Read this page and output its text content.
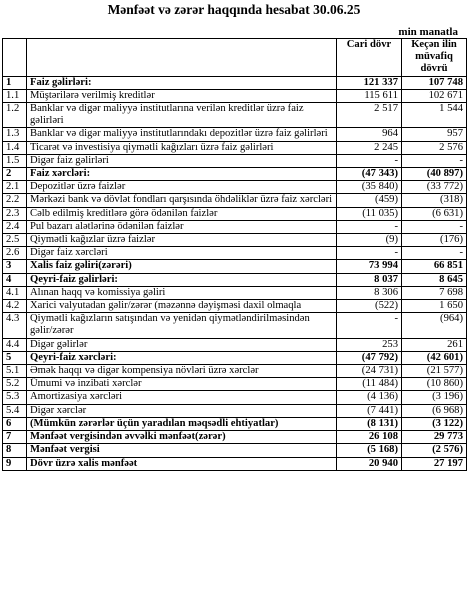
Mənfəət və zərər haqqında hesabat 30.06.25
min manatla
		Cari dövr	Keçən ilin müvafiq dövrü
1	Faiz gəlirləri:	121 337	107 748
1.1	Müştərilərə verilmiş kreditlər	115 611	102 671
1.2	Banklar və digər maliyyə institutlarına verilən kreditlər üzrə faiz gəlirləri	2 517	1 544
1.3	Banklar və digər maliyyə institutlarındakı depozitlər üzrə faiz gəlirləri	964	957
1.4	Ticarət və investisiya qiymətli kağızları üzrə faiz gəlirləri	2 245	2 576
1.5	Digər faiz gəlirləri	-	-
2	Faiz xərcləri:	(47 343)	(40 897)
2.1	Depozitlər üzrə faizlər	(35 840)	(33 772)
2.2	Mərkəzi bank və dövlət fondları qarşısında öhdəliklər üzrə faiz xərcləri	(459)	(318)
2.3	Cəlb edilmiş kreditlərə görə ödənilən faizlər	(11 035)	(6 631)
2.4	Pul bazarı alətlərinə ödənilən faizlər	-	-
2.5	Qiymətli kağızlar üzrə faizlər	(9)	(176)
2.6	Digər faiz xərcləri	-	-
3	Xalis faiz gəliri(zərəri)	73 994	66 851
4	Qeyri-faiz gəlirləri:	8 037	8 645
4.1	Alınan haqq və komissiya gəliri	8 306	7 698
4.2	Xarici valyutadan gəlir/zərər (məzənnə dəyişməsi daxil olmaqla	(522)	1 650
4.3	Qiymətli kağızların satışından və yenidən qiymətləndirilməsindən gəlir/zərər	-	(964)
4.4	Digər gəlirlər	253	261
5	Qeyri-faiz xərcləri:	(47 792)	(42 601)
5.1	Əmək haqqı və digər kompensiya növləri üzrə xərclər	(24 731)	(21 577)
5.2	Ümumi və inzibati xərclər	(11 484)	(10 860)
5.3	Amortizasiya xərcləri	(4 136)	(3 196)
5.4	Digər xərclər	(7 441)	(6 968)
6	(Mümkün zərərlər üçün yaradılan məqsədli ehtiyatlar)	(8 131)	(3 122)
7	Mənfəət vergisindən əvvəlki mənfəət(zərər)	26 108	29 773
8	Mənfəət vergisi	(5 168)	(2 576)
9	Dövr üzrə xalis mənfəət	20 940	27 197
